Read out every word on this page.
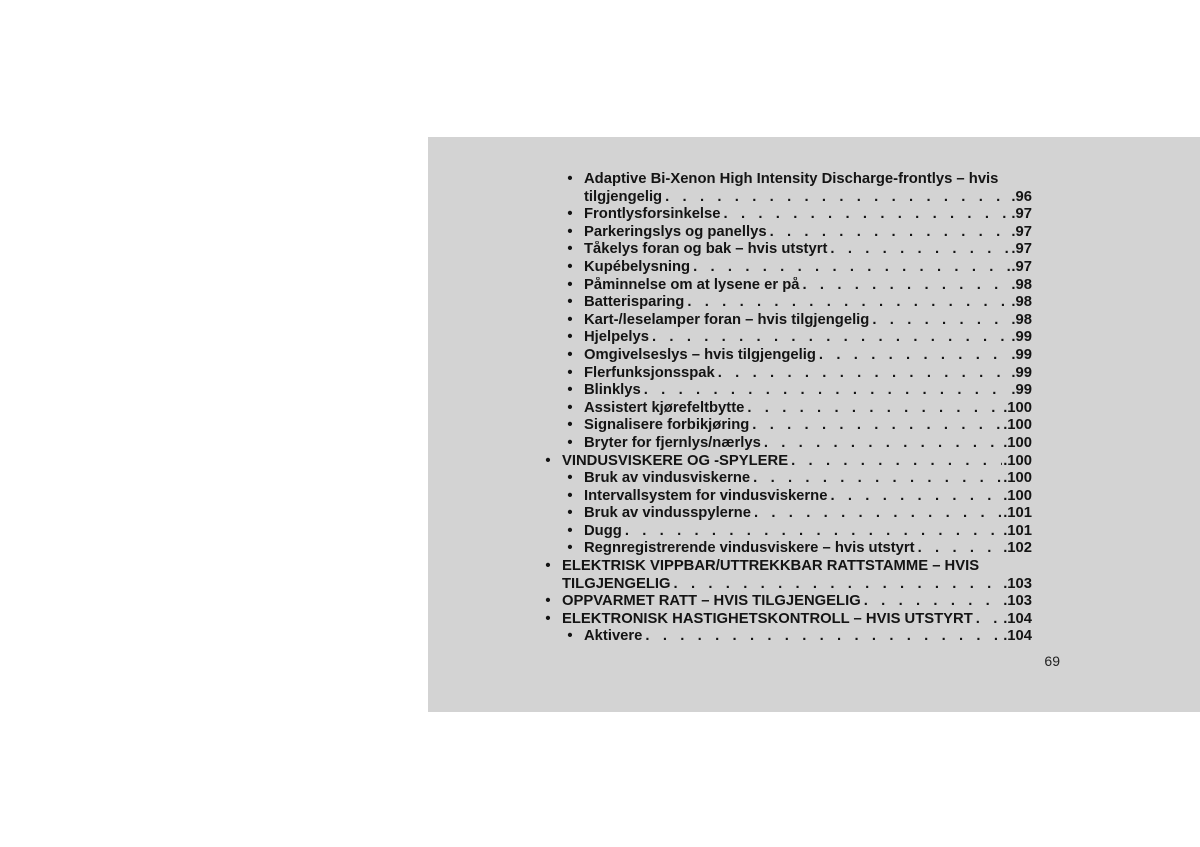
• Adaptive Bi-Xenon High Intensity Discharge-frontlys – hvis
tilgjengelig . . .	.96
• Frontlysforsinkelse . . .	.97
• Parkeringslys og panellys . . .	.97
• Tåkelys foran og bak – hvis utstyrt . . .	.97
• Kupébelysning . . .	.97
• Påminnelse om at lysene er på . . .	.98
• Batterisparing . . .	.98
• Kart-/leselamper foran – hvis tilgjengelig . . .	.98
• Hjelpelys . . .	.99
• Omgivelseslys – hvis tilgjengelig . . .	.99
• Flerfunksjonsspak . . .	.99
• Blinklys . . .	.99
• Assistert kjørefeltbytte . . .	.100
• Signalisere forbikjøring . . .	.100
• Bryter for fjernlys/nærlys . . .	.100
• VINDUSVISKERE OG -SPYLERE . . .	.100
• Bruk av vindusviskerne . . .	.100
• Intervallsystem for vindusviskerne . . .	.100
• Bruk av vindusspylerne . . .	.101
• Dugg . . .	.101
• Regnregistrerende vindusviskere – hvis utstyrt . . .	.102
• ELEKTRISK VIPPBAR/UTTREKKBAR RATTSTAMME – HVIS
TILGJENGELIG . . .	.103
• OPPVARMET RATT – HVIS TILGJENGELIG . . .	.103
• ELEKTRONISK HASTIGHETSKONTROLL – HVIS UTSTYRT . . . .104
• Aktivere . . .	.104
69
